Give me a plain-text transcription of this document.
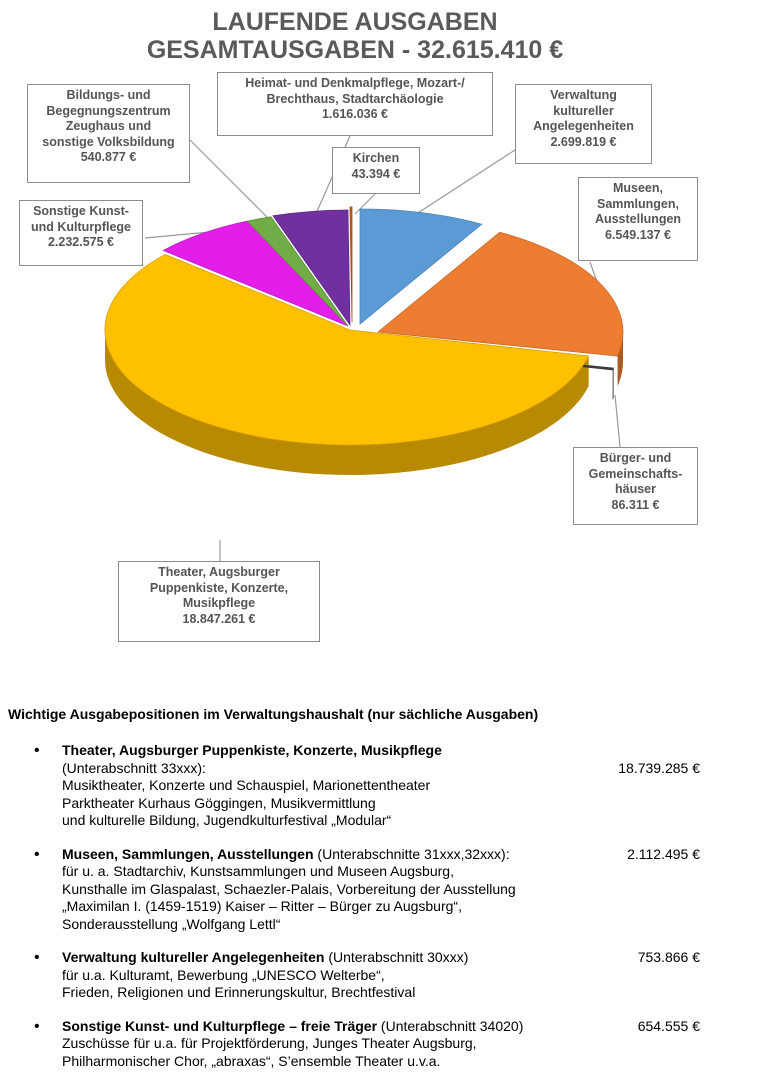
LAUFENDE AUSGABEN
GESAMTAUSGABEN - 32.615.410 €
Bildungs- und
Begegnungszentrum
Zeughaus und
sonstige Volksbildung
540.877 €
Heimat- und Denkmalpflege, Mozart-/
Brechthaus, Stadtarchäologie
1.616.036 €
Verwaltung
kultureller
Angelegenheiten
2.699.819 €
Kirchen
43.394 €
Sonstige Kunst-
und Kulturpflege
2.232.575 €
Museen,
Sammlungen,
Ausstellungen
6.549.137 €
Bürger- und
Gemeinschafts-
häuser
86.311 €
Theater, Augsburger
Puppenkiste, Konzerte,
Musikpflege
18.847.261 €

Wichtige Ausgabepositionen im Verwaltungshaushalt (nur sächliche Ausgaben)

• Theater, Augsburger Puppenkiste, Konzerte, Musikpflege
(Unterabschnitt 33xxx):
Musiktheater, Konzerte und Schauspiel, Marionettentheater
Parktheater Kurhaus Göggingen, Musikvermittlung
und kulturelle Bildung, Jugendkulturfestival „Modular“
18.739.285 €
• Museen, Sammlungen, Ausstellungen (Unterabschnitte 31xxx,32xxx):
für u. a. Stadtarchiv, Kunstsammlungen und Museen Augsburg,
Kunsthalle im Glaspalast, Schaezler-Palais, Vorbereitung der Ausstellung
„Maximilan I. (1459-1519) Kaiser – Ritter – Bürger zu Augsburg“,
Sonderausstellung „Wolfgang Lettl“
2.112.495 €
• Verwaltung kultureller Angelegenheiten (Unterabschnitt 30xxx)
für u.a. Kulturamt, Bewerbung „UNESCO Welterbe“,
Frieden, Religionen und Erinnerungskultur, Brechtfestival
753.866 €
• Sonstige Kunst- und Kulturpflege – freie Träger (Unterabschnitt 34020)
Zuschüsse für u.a. für Projektförderung, Junges Theater Augsburg,
Philharmonischer Chor, „abraxas“, S’ensemble Theater u.v.a.
654.555 €
